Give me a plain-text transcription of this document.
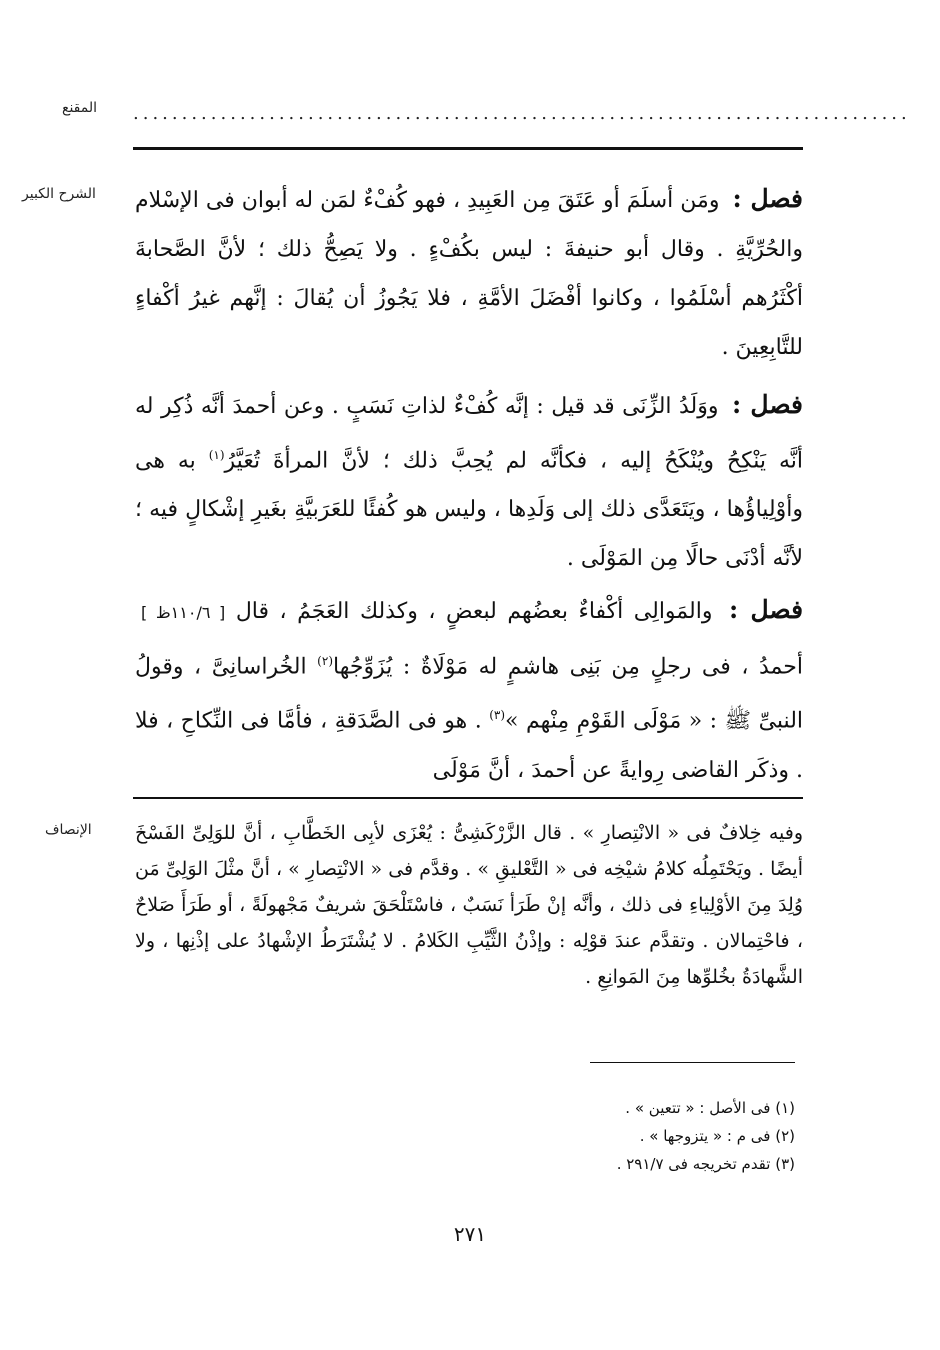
المقنع ................................................................................
الشرح الكبير
الإنصاف

فصل : ومَن أسلَمَ أو عَتَقَ مِن العَبِيدِ ، فهو كُفْءٌ لمَن له أبوان فى الإسْلام والحُرِّيَّةِ . وقال أبو حنيفةَ : ليس بكُفْءٍ . ولا يَصِحُّ ذلك ؛ لأنَّ الصَّحابةَ أكْثَرُهم أسْلَمُوا ، وكانوا أفْضَلَ الأمَّةِ ، فلا يَجُوزُ أن يُقالَ : إنَّهم غيرُ أكْفاءٍ للتَّابِعِينَ .

فصل : ووَلَدُ الزِّنَى قد قيل : إنَّه كُفْءٌ لذاتِ نَسَبٍ . وعن أحمدَ أنَّه ذُكِر له أنَّه يَنْكِحُ ويُنْكَحُ إليه ، فكأنَّه لم يُحِبَّ ذلك ؛ لأنَّ المرأةَ تُعَيَّرُ$^{(١)}$ به هى وأوْلِياؤُها ، ويَتَعَدَّى ذلك إلى وَلَدِها ، وليس هو كُفئًا للعَرَبيَّةِ بغَيرِ إشْكالٍ فيه ؛ لأنَّه أدْنَى حالًا مِن المَوْلَى .

فصل : والمَوالِى أكْفاءٌ بعضُهم لبعضٍ ، وكذلك العَجَمُ ، قال [ ١١٠/٦ظ ] أحمدُ ، فى رجلٍ مِن بَنِى هاشمٍ له مَوْلَاةٌ : يُزَوِّجُها$^{(٢)}$ الخُراسانِىَّ ، وقولُ النبىِّ ﷺ : « مَوْلَى القَوْمِ مِنْهم »$^{(٣)}$ . هو فى الصَّدَقةِ ، فأمَّا فى النِّكاحِ ، فلا . وذكَر القاضى رِوايةً عن أحمدَ ، أنَّ مَوْلَى

وفيه خِلافٌ فى « الانْتِصارِ » . قال الزَّرْكَشِىُّ : يُعْزَى لأبِى الخَطَّابِ ، أنَّ للوَلِىِّ الفَسْخَ أيضًا . ويَحْتَمِلُه كلامُ شيْخِه فى « التَّعْليقِ » . وقدَّم فى « الانْتِصارِ » ، أنَّ مثْلَ الوَلِىِّ مَن وُلِدَ مِنَ الأوْلِياءِ فى ذلك ، وأنَّه إنْ طَرَأ نَسَبٌ ، فاسْتَلْحَقَ شريفٌ مَجْهولَةً ، أو طَرَأَ صَلاحٌ ، فاحْتِمالان . وتقدَّم عندَ قوْلِه : وإذْنُ الثَّيِّبِ الكَلامُ . لا يُشْتَرَطُ الإشْهادُ على إذْنِها ، ولا الشَّهادَةُ بخُلوِّها مِنَ المَوانِعِ .

(١) فى الأصل : « تتعين » .

(٢) فى م : « يتزوجها » .

(٣) تقدم تخريجه فى ٢٩١/٧ .

٢٧١
